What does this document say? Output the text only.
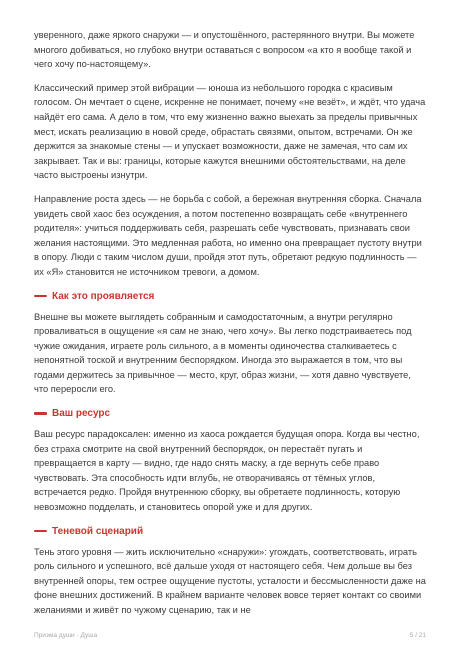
уверенного, даже яркого снаружи — и опустошённого, растерянного внутри. Вы можете многого добиваться, но глубоко внутри оставаться с вопросом «а кто я вообще такой и чего хочу по-настоящему».

Классический пример этой вибрации — юноша из небольшого городка с красивым голосом. Он мечтает о сцене, искренне не понимает, почему «не везёт», и ждёт, что удача найдёт его сама. А дело в том, что ему жизненно важно выехать за пределы привычных мест, искать реализацию в новой среде, обрастать связями, опытом, встречами. Он же держится за знакомые стены — и упускает возможности, даже не замечая, что сам их закрывает. Так и вы: границы, которые кажутся внешними обстоятельствами, на деле часто выстроены изнутри.

Направление роста здесь — не борьба с собой, а бережная внутренняя сборка. Сначала увидеть свой хаос без осуждения, а потом постепенно возвращать себе «внутреннего родителя»: учиться поддерживать себя, разрешать себе чувствовать, признавать свои желания настоящими. Это медленная работа, но именно она превращает пустоту внутри в опору. Люди с таким числом души, пройдя этот путь, обретают редкую подлинность — их «Я» становится не источником тревоги, а домом.

Как это проявляется

Внешне вы можете выглядеть собранным и самодостаточным, а внутри регулярно проваливаться в ощущение «я сам не знаю, чего хочу». Вы легко подстраиваетесь под чужие ожидания, играете роль сильного, а в моменты одиночества сталкиваетесь с непонятной тоской и внутренним беспорядком. Иногда это выражается в том, что вы годами держитесь за привычное — место, круг, образ жизни, — хотя давно чувствуете, что переросли его.

Ваш ресурс

Ваш ресурс парадоксален: именно из хаоса рождается будущая опора. Когда вы честно, без страха смотрите на свой внутренний беспорядок, он перестаёт пугать и превращается в карту — видно, где надо снять маску, а где вернуть себе право чувствовать. Эта способность идти вглубь, не отворачиваясь от тёмных углов, встречается редко. Пройдя внутреннюю сборку, вы обретаете подлинность, которую невозможно подделать, и становитесь опорой уже и для других.

Теневой сценарий

Тень этого уровня — жить исключительно «снаружи»: угождать, соответствовать, играть роль сильного и успешного, всё дальше уходя от настоящего себя. Чем дольше вы без внутренней опоры, тем острее ощущение пустоты, усталости и бессмысленности даже на фоне внешних достижений. В крайнем варианте человек вовсе теряет контакт со своими желаниями и живёт по чужому сценарию, так и не

Призма души · Душа	5 / 21
